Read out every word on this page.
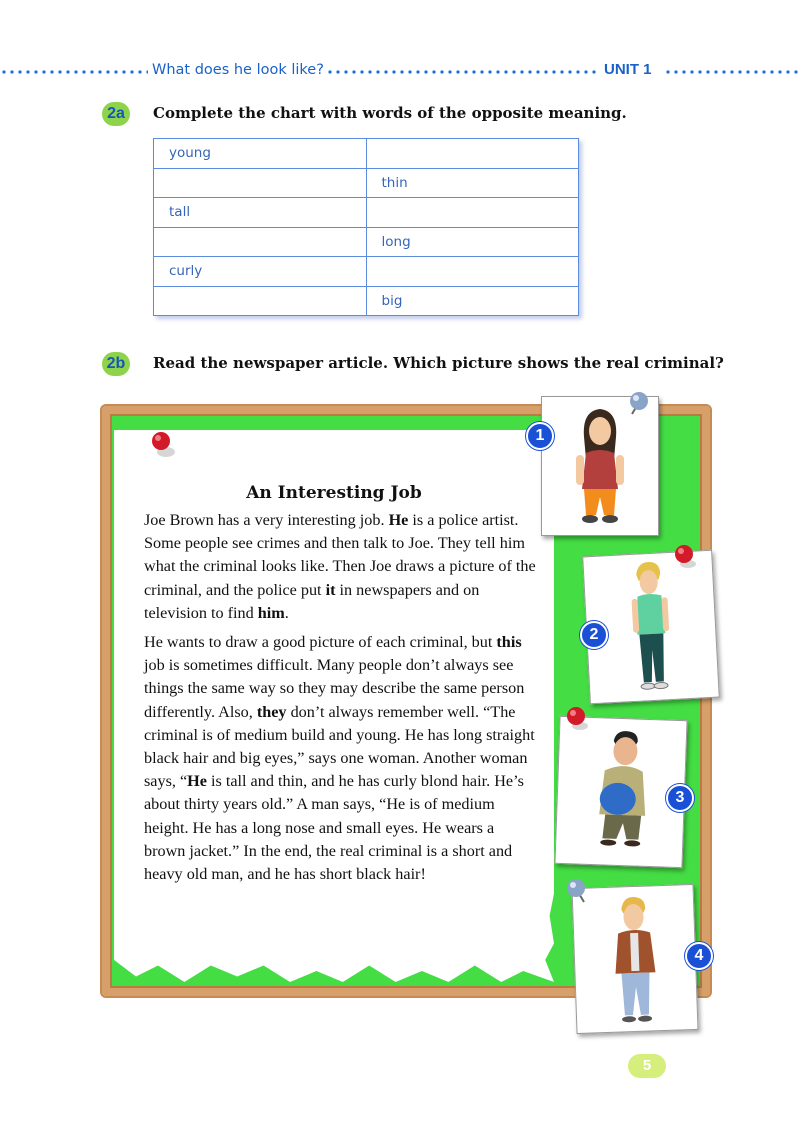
What does he look like?	UNIT 1
2a	Complete the chart with words of the opposite meaning.
young	
	thin
tall	
	long
curly	
	big
2b	Read the newspaper article. Which picture shows the real criminal?
An Interesting Job

Joe Brown has a very interesting job. He is a police artist. Some people see crimes and then talk to Joe. They tell him what the criminal looks like. Then Joe draws a picture of the criminal, and the police put it in newspapers and on television to find him.

He wants to draw a good picture of each criminal, but this job is sometimes difficult. Many people don’t always see things the same way so they may describe the same person differently. Also, they don’t always remember well. “The criminal is of medium build and young. He has long straight black hair and big eyes,” says one woman. Another woman says, “He is tall and thin, and he has curly blond hair. He’s about thirty years old.” A man says, “He is of medium height. He has a long nose and small eyes. He wears a brown jacket.” In the end, the real criminal is a short and heavy old man, and he has short black hair!

1
2
3
4
5
